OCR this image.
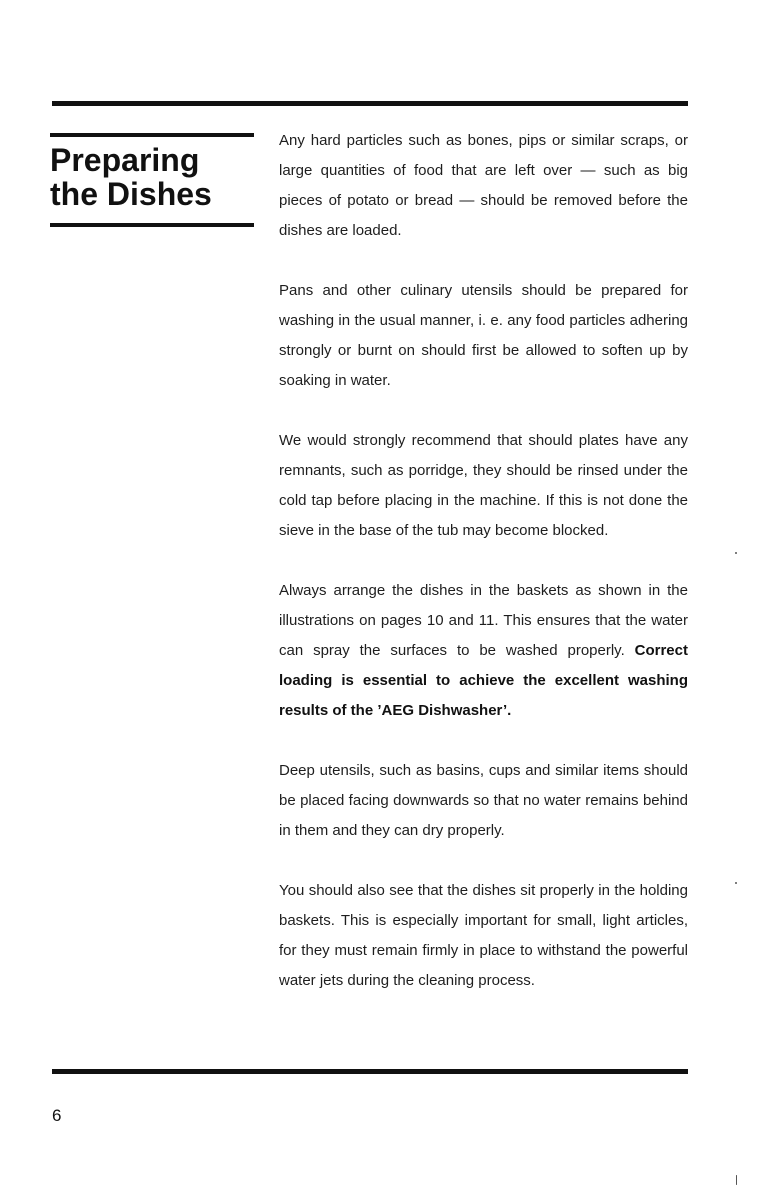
Preparing
the Dishes

Any hard particles such as bones, pips or similar scraps, or large quantities of food that are left over — such as big pieces of potato or bread — should be removed before the dishes are loaded.

Pans and other culinary utensils should be prepared for washing in the usual manner, i. e. any food particles adhering strongly or burnt on should first be allowed to soften up by soaking in water.

We would strongly recommend that should plates have any remnants, such as porridge, they should be rinsed under the cold tap before placing in the machine. If this is not done the sieve in the base of the tub may become blocked.

Always arrange the dishes in the baskets as shown in the illustrations on pages 10 and 11. This ensures that the water can spray the surfaces to be washed properly. Correct loading is essential to achieve the excellent washing results of the ’AEG Dishwasher’.

Deep utensils, such as basins, cups and similar items should be placed facing downwards so that no water remains behind in them and they can dry properly.

You should also see that the dishes sit properly in the holding baskets. This is especially important for small, light articles, for they must remain firmly in place to withstand the powerful water jets during the cleaning process.

6
